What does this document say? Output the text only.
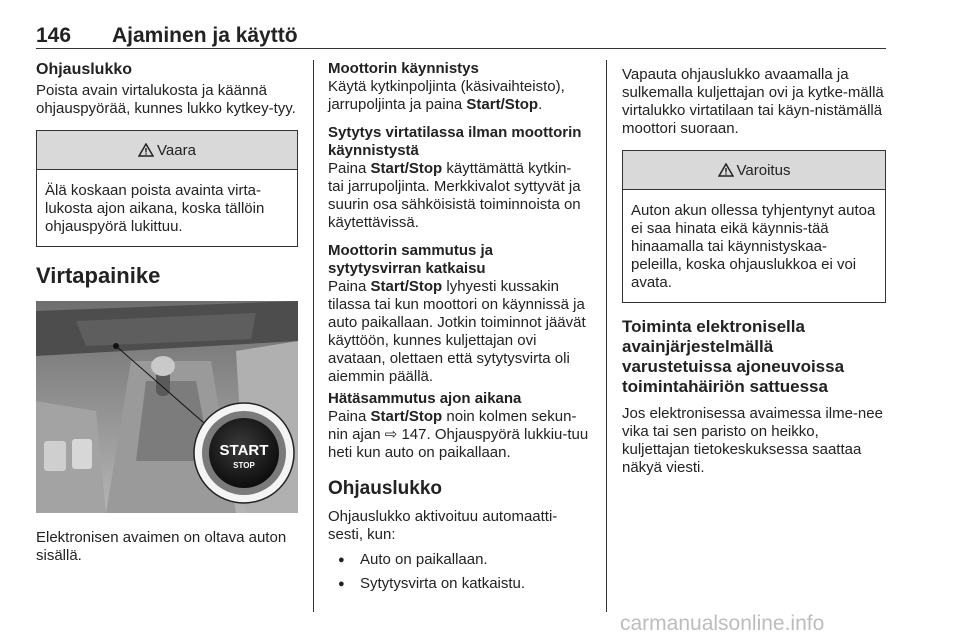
146 Ajaminen ja käyttö
Ohjauslukko

Poista avain virtalukosta ja käännä ohjauspyörää, kunnes lukko kytkey-tyy.

Vaara

Älä koskaan poista avainta virta-lukosta ajon aikana, koska tällöin ohjauspyörä lukittuu.

Virtapainike
START
STOP

Elektronisen avaimen on oltava auton sisällä.

Moottorin käynnistys

Käytä kytkinpoljinta (käsivaihteisto), jarrupoljinta ja paina Start/Stop.

Sytytys virtatilassa ilman moottorin käynnistystä

Paina Start/Stop käyttämättä kytkin- tai jarrupoljinta. Merkkivalot syttyvät ja suurin osa sähköisistä toiminnoista on käytettävissä.

Moottorin sammutus ja sytytysvirran katkaisu

Paina Start/Stop lyhyesti kussakin tilassa tai kun moottori on käynnissä ja auto paikallaan. Jotkin toiminnot jäävät käyttöön, kunnes kuljettajan ovi avataan, olettaen että sytytysvirta oli aiemmin päällä.

Hätäsammutus ajon aikana

Paina Start/Stop noin kolmen sekun-nin ajan ⇨ 147. Ohjauspyörä lukkiu-tuu heti kun auto on paikallaan.

Ohjauslukko

Ohjauslukko aktivoituu automaatti-sesti, kun:

● Auto on paikallaan.
● Sytytysvirta on katkaistu.

Vapauta ohjauslukko avaamalla ja sulkemalla kuljettajan ovi ja kytke-mällä virtalukko virtatilaan tai käyn-nistämällä moottori suoraan.

Varoitus

Auton akun ollessa tyhjentynyt autoa ei saa hinata eikä käynnis-tää hinaamalla tai käynnistyskaa-peleilla, koska ohjauslukkoa ei voi avata.

Toiminta elektronisella avainjärjestelmällä varustetuissa ajoneuvoissa toimintahäiriön sattuessa

Jos elektronisessa avaimessa ilme-nee vika tai sen paristo on heikko, kuljettajan tietokeskuksessa saattaa näkyä viesti.

carmanualsonline.info
